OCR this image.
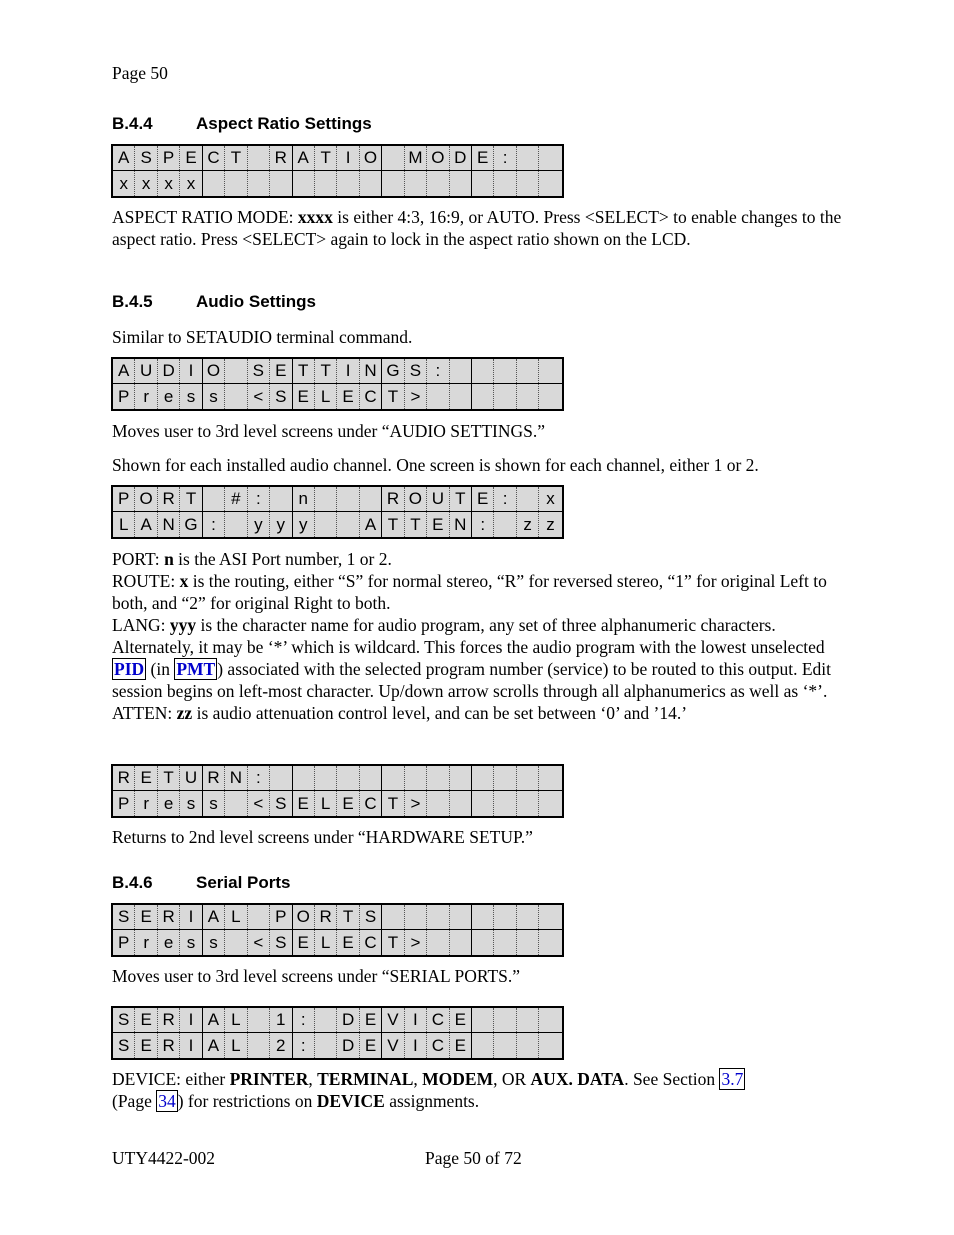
Page 50
B.4.4	Aspect Ratio Settings
A S P E C T	R A T I O	M O D E :
x x x x

ASPECT RATIO MODE: xxxx is either 4:3, 16:9, or AUTO. Press <SELECT> to enable changes to the aspect ratio. Press <SELECT> again to lock in the aspect ratio shown on the LCD.

B.4.5	Audio Settings

Similar to SETAUDIO terminal command.

A U D I O	S E T T I N G S :
P r e s s	< S E L E C T >

Moves user to 3rd level screens under “AUDIO SETTINGS.”

Shown for each installed audio channel. One screen is shown for each channel, either 1 or 2.

P O R T	# :	n	R O U T E :	x
L A N G :	y y y	A T T E N :	z z
PORT: n is the ASI Port number, 1 or 2.
ROUTE: x is the routing, either “S” for normal stereo, “R” for reversed stereo, “1” for original Left to both, and “2” for original Right to both.
LANG: yyy is the character name for audio program, any set of three alphanumeric characters. Alternately, it may be ‘*’ which is wildcard. This forces the audio program with the lowest unselected PID (in PMT ) associated with the selected program number (service) to be routed to this output. Edit session begins on left-most character. Up/down arrow scrolls through all alphanumerics as well as ‘*’.
ATTEN: zz is audio attenuation control level, and can be set between ‘0’ and ’14.’
R E T U R N :
P r e s s	< S E L E C T >

Returns to 2nd level screens under “HARDWARE SETUP.”

B.4.6	Serial Ports
S E R I A L	P O R T S
P r e s s	< S E L E C T >

Moves user to 3rd level screens under “SERIAL PORTS.”

S E R I A L	1 :	D E V I C E
S E R I A L	2 :	D E V I C E

DEVICE: either PRINTER, TERMINAL, MODEM, OR AUX. DATA. See Section 3.7
(Page 34 ) for restrictions on DEVICE assignments.

UTY4422-002	Page 50 of 72
